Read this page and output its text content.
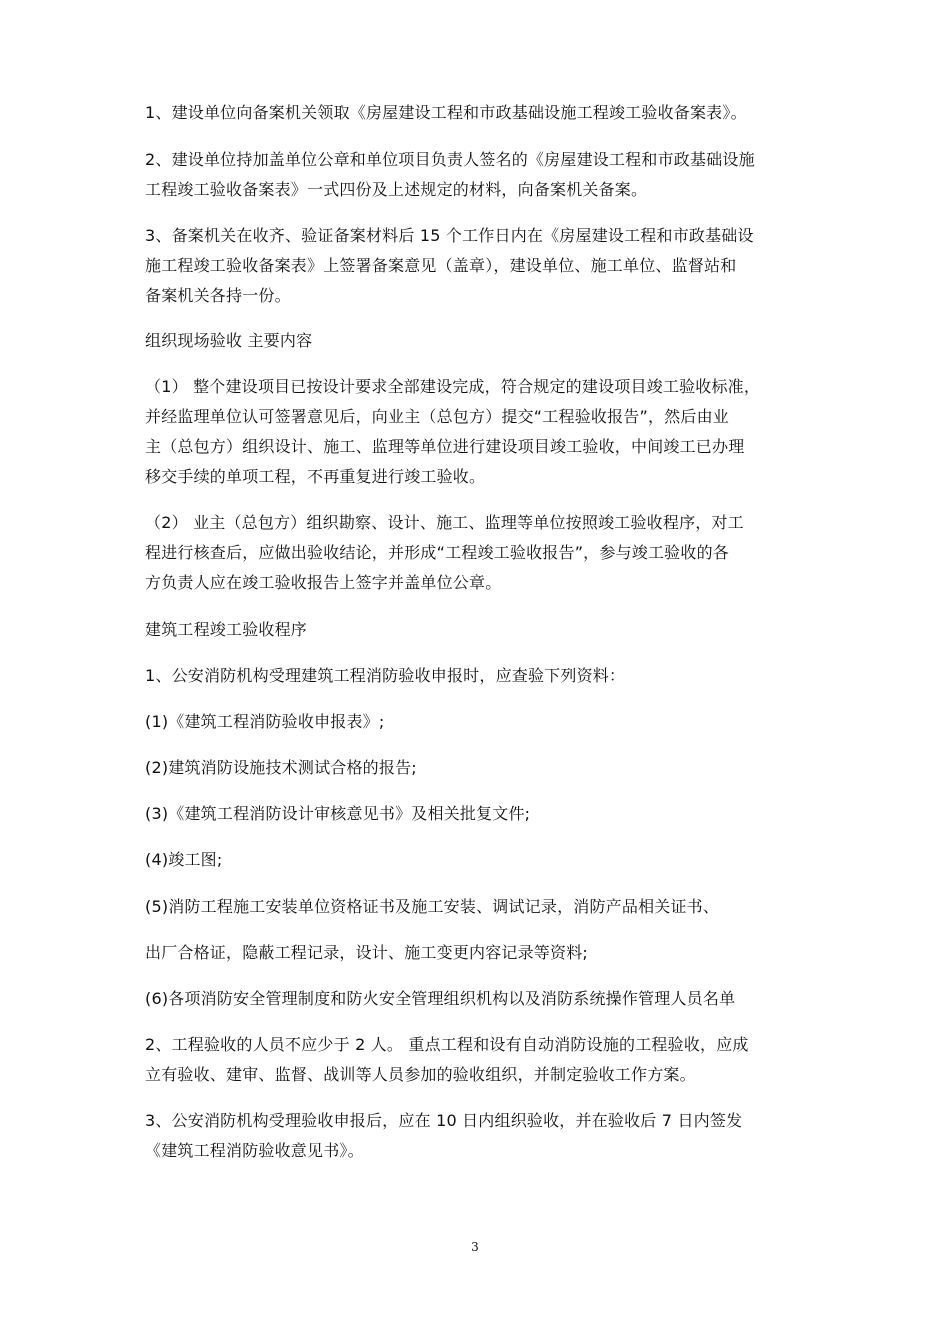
1、建设单位向备案机关领取《房屋建设工程和市政基础设施工程竣工验收备案表》。
2、建设单位持加盖单位公章和单位项目负责人签名的《房屋建设工程和市政基础设施
工程竣工验收备案表》一式四份及上述规定的材料，向备案机关备案。
3、备案机关在收齐、验证备案材料后 15 个工作日内在《房屋建设工程和市政基础设
施工程竣工验收备案表》上签署备案意见（盖章），建设单位、施工单位、监督站和
备案机关各持一份。
组织现场验收 主要内容
（1） 整个建设项目已按设计要求全部建设完成，符合规定的建设项目竣工验收标准，
并经监理单位认可签署意见后，向业主（总包方）提交“工程验收报告”，然后由业
主（总包方）组织设计、施工、监理等单位进行建设项目竣工验收，中间竣工已办理
移交手续的单项工程，不再重复进行竣工验收。
（2） 业主（总包方）组织勘察、设计、施工、监理等单位按照竣工验收程序，对工
程进行核查后，应做出验收结论，并形成“工程竣工验收报告”，参与竣工验收的各
方负责人应在竣工验收报告上签字并盖单位公章。
建筑工程竣工验收程序
1、公安消防机构受理建筑工程消防验收申报时，应查验下列资料：
(1)《建筑工程消防验收申报表》;
(2)建筑消防设施技术测试合格的报告;
(3)《建筑工程消防设计审核意见书》及相关批复文件;
(4)竣工图;
(5)消防工程施工安装单位资格证书及施工安装、调试记录，消防产品相关证书、
出厂合格证，隐蔽工程记录，设计、施工变更内容记录等资料;
(6)各项消防安全管理制度和防火安全管理组织机构以及消防系统操作管理人员名单
2、工程验收的人员不应少于 2 人。 重点工程和设有自动消防设施的工程验收，应成
立有验收、建审、监督、战训等人员参加的验收组织，并制定验收工作方案。
3、公安消防机构受理验收申报后，应在 10 日内组织验收，并在验收后 7 日内签发
《建筑工程消防验收意见书》。
3
